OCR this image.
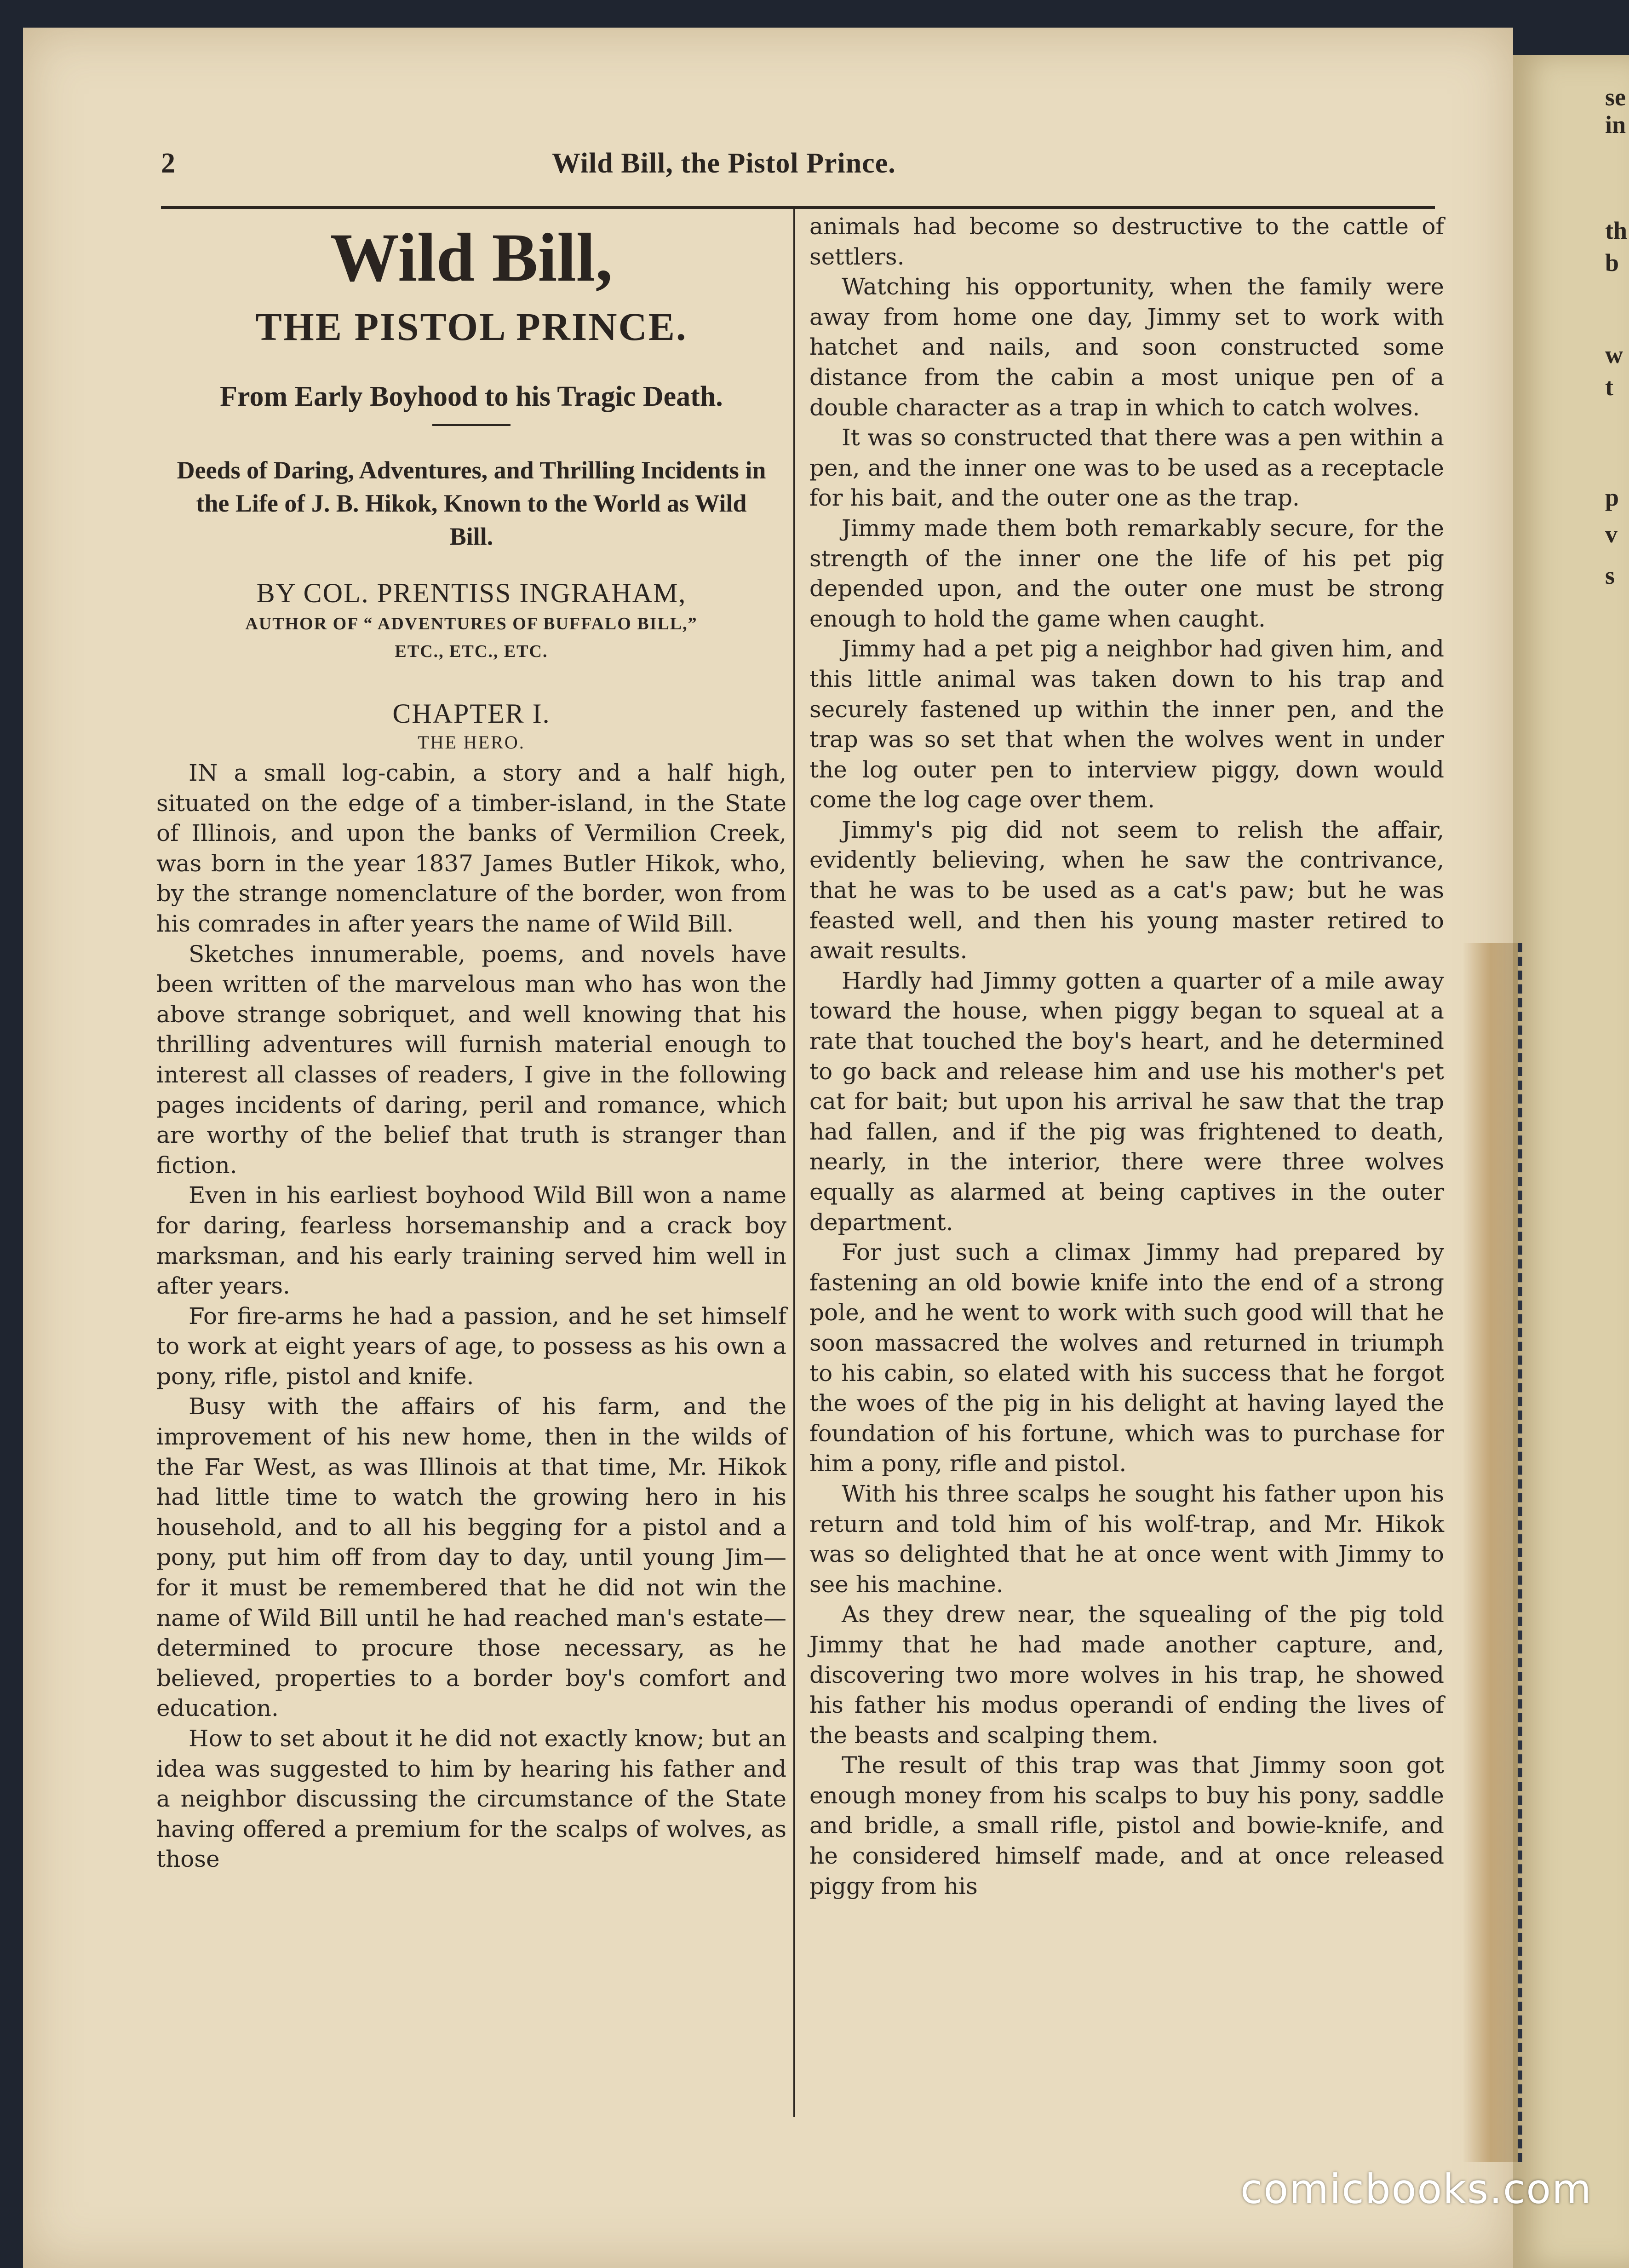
se
in
th
b
w
t
p
v
s
2	Wild Bill, the Pistol Prince.
Wild Bill,
THE PISTOL PRINCE.
From Early Boyhood to his Tragic Death.
Deeds of Daring, Adventures, and Thrilling Incidents in the Life of J. B. Hikok, Known to the World as Wild Bill.
BY COL. PRENTISS INGRAHAM,
AUTHOR OF “ ADVENTURES OF BUFFALO BILL,”
ETC., ETC., ETC.
CHAPTER I.
THE HERO.

IN a small log-cabin, a story and a half high, situated on the edge of a timber-island, in the State of Illinois, and upon the banks of Vermilion Creek, was born in the year 1837 James Butler Hikok, who, by the strange nomenclature of the border, won from his comrades in after years the name of Wild Bill.

Sketches innumerable, poems, and novels have been written of the marvelous man who has won the above strange sobriquet, and well knowing that his thrilling adventures will furnish material enough to interest all classes of readers, I give in the following pages incidents of daring, peril and romance, which are worthy of the belief that truth is stranger than fiction.

Even in his earliest boyhood Wild Bill won a name for daring, fearless horsemanship and a crack boy marksman, and his early training served him well in after years.

For fire-arms he had a passion, and he set himself to work at eight years of age, to possess as his own a pony, rifle, pistol and knife.

Busy with the affairs of his farm, and the improvement of his new home, then in the wilds of the Far West, as was Illinois at that time, Mr. Hikok had little time to watch the growing hero in his household, and to all his begging for a pistol and a pony, put him off from day to day, until young Jim—for it must be remembered that he did not win the name of Wild Bill until he had reached man's estate—determined to procure those necessary, as he believed, properties to a border boy's comfort and education.

How to set about it he did not exactly know; but an idea was suggested to him by hearing his father and a neighbor discussing the circumstance of the State having offered a premium for the scalps of wolves, as those

animals had become so destructive to the cattle of settlers.

Watching his opportunity, when the family were away from home one day, Jimmy set to work with hatchet and nails, and soon constructed some distance from the cabin a most unique pen of a double character as a trap in which to catch wolves.

It was so constructed that there was a pen within a pen, and the inner one was to be used as a receptacle for his bait, and the outer one as the trap.

Jimmy made them both remarkably secure, for the strength of the inner one the life of his pet pig depended upon, and the outer one must be strong enough to hold the game when caught.

Jimmy had a pet pig a neighbor had given him, and this little animal was taken down to his trap and securely fastened up within the inner pen, and the trap was so set that when the wolves went in under the log outer pen to interview piggy, down would come the log cage over them.

Jimmy's pig did not seem to relish the affair, evidently believing, when he saw the contrivance, that he was to be used as a cat's paw; but he was feasted well, and then his young master retired to await results.

Hardly had Jimmy gotten a quarter of a mile away toward the house, when piggy began to squeal at a rate that touched the boy's heart, and he determined to go back and release him and use his mother's pet cat for bait; but upon his arrival he saw that the trap had fallen, and if the pig was frightened to death, nearly, in the interior, there were three wolves equally as alarmed at being captives in the outer department.

For just such a climax Jimmy had prepared by fastening an old bowie knife into the end of a strong pole, and he went to work with such good will that he soon massacred the wolves and returned in triumph to his cabin, so elated with his success that he forgot the woes of the pig in his delight at having layed the foundation of his fortune, which was to purchase for him a pony, rifle and pistol.

With his three scalps he sought his father upon his return and told him of his wolf-trap, and Mr. Hikok was so delighted that he at once went with Jimmy to see his machine.

As they drew near, the squealing of the pig told Jimmy that he had made another capture, and, discovering two more wolves in his trap, he showed his father his modus operandi of ending the lives of the beasts and scalping them.

The result of this trap was that Jimmy soon got enough money from his scalps to buy his pony, saddle and bridle, a small rifle, pistol and bowie-knife, and he considered himself made, and at once released piggy from his

comicbooks.com
